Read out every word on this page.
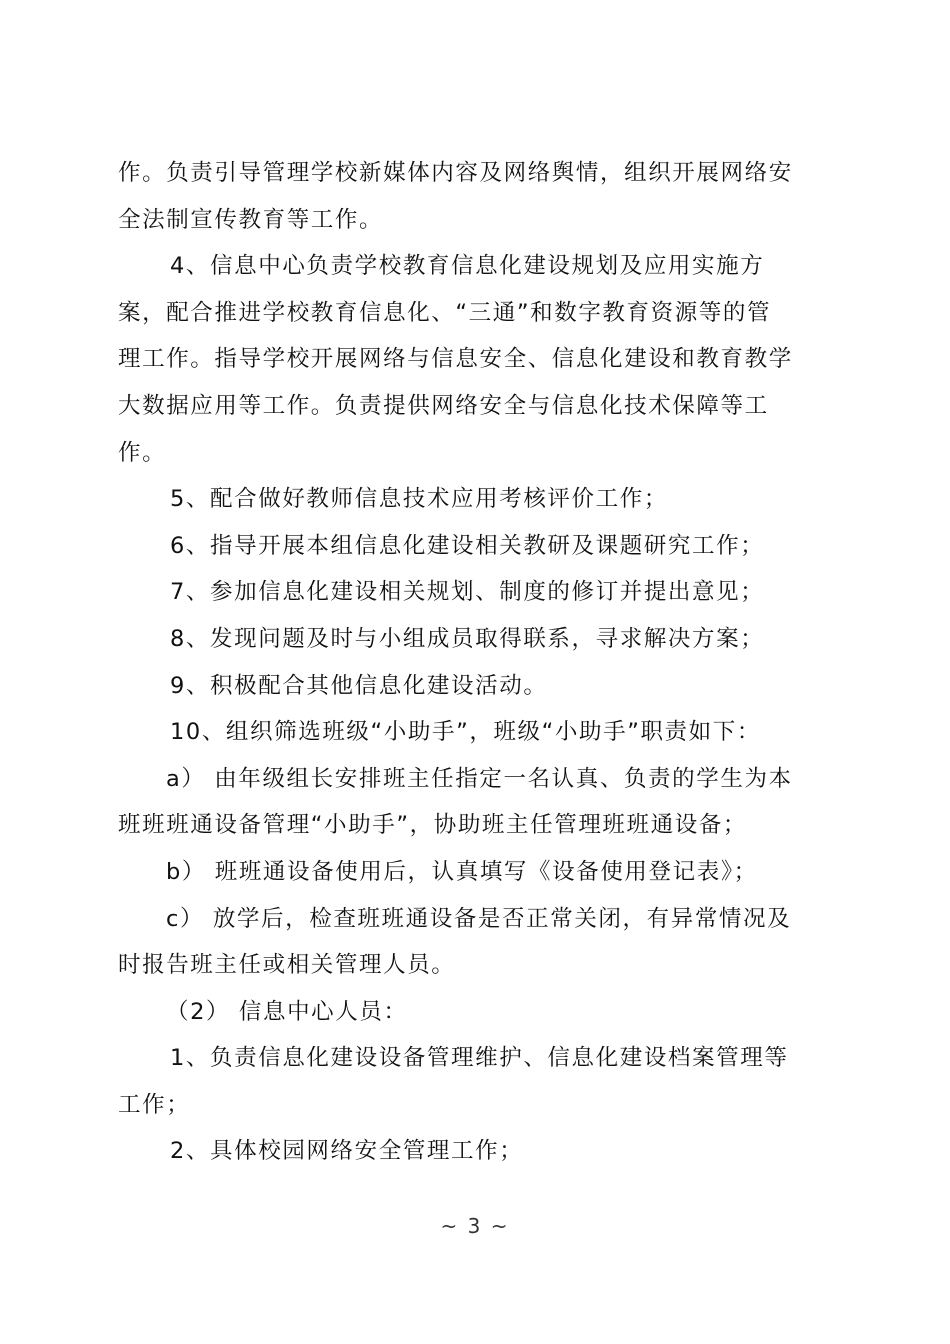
作。负责引导管理学校新媒体内容及网络舆情，组织开展网络安
全法制宣传教育等工作。
4、信息中心负责学校教育信息化建设规划及应用实施方
案，配合推进学校教育信息化、“三通”和数字教育资源等的管
理工作。指导学校开展网络与信息安全、信息化建设和教育教学
大数据应用等工作。负责提供网络安全与信息化技术保障等工
作。
5、配合做好教师信息技术应用考核评价工作；
6、指导开展本组信息化建设相关教研及课题研究工作；
7、参加信息化建设相关规划、制度的修订并提出意见；
8、发现问题及时与小组成员取得联系，寻求解决方案；
9、积极配合其他信息化建设活动。
10、组织筛选班级“小助手”，班级“小助手”职责如下：
a） 由年级组长安排班主任指定一名认真、负责的学生为本
班班班通设备管理“小助手”，协助班主任管理班班通设备；
b） 班班通设备使用后，认真填写《设备使用登记表》；
c） 放学后，检查班班通设备是否正常关闭，有异常情况及
时报告班主任或相关管理人员。
（2） 信息中心人员：
1、负责信息化建设设备管理维护、信息化建设档案管理等
工作；
2、具体校园网络安全管理工作；
~ 3 ~
